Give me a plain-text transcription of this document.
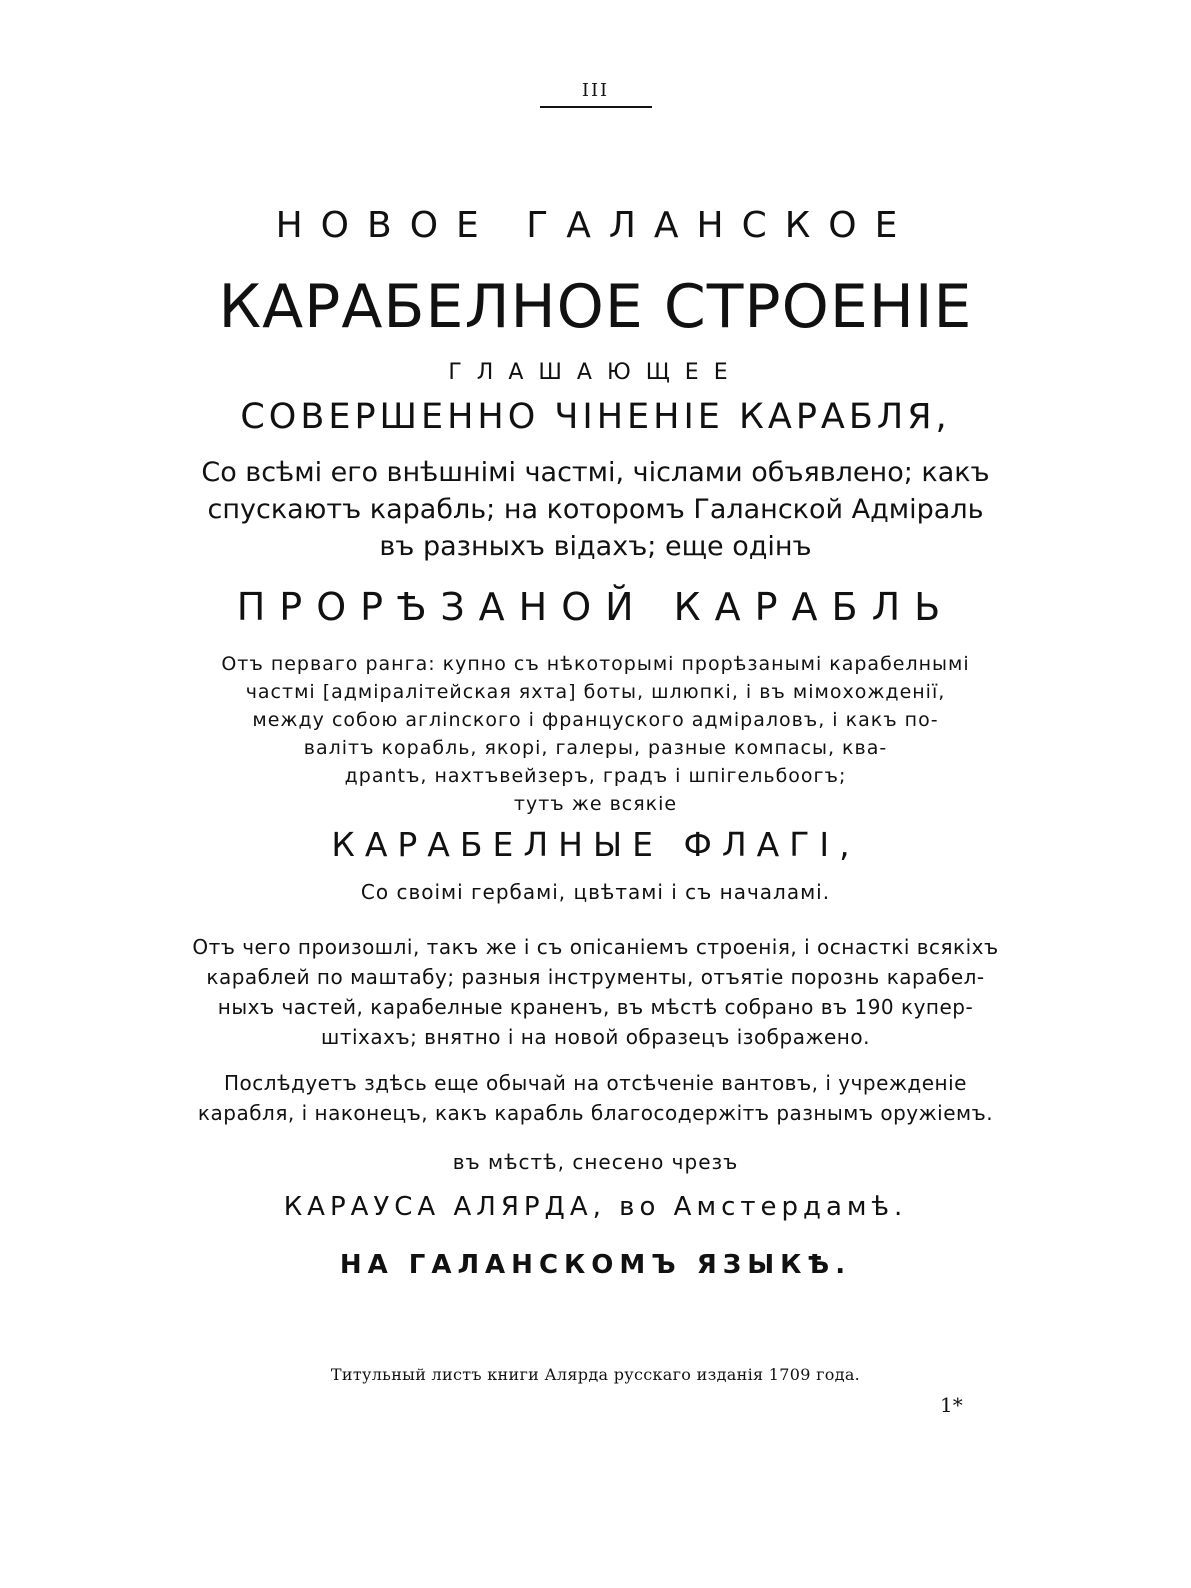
III
НОВОЕ ГАЛАНСКОЕ
КАРАБЕЛНОЕ СТРОЕНІЕ
ГЛАШАЮЩЕЕ
СОВЕРШЕННО ЧІНЕНІЕ КАРАБЛЯ,
Со всѣмі его внѣшнімі частмі, чіслами объявлено; какъ
спускаютъ карабль; на которомъ Галанской Адміраль
въ разныхъ відахъ; еще одінъ
ПРОРѢЗАНОЙ КАРАБЛЬ
Отъ перваго ранга: купно съ нѣкоторымі прорѣзанымі карабелнымі
частмі [адміралітейская яхта] боты, шлюпкі, і въ мімохожденії,
между собою агліnского і францускогo адміраловъ, і какъ по-
валітъ корабль, якорі, галеры, разные компасы, ква-
драntъ, нахтъвейзеръ, градъ і шпігельбоогъ;
тутъ же всякіе
КАРАБЕЛНЫЕ ФЛАГІ,
Со своімі гербамі, цвѣтамі і съ началамі.
Отъ чего произошлі, такъ же і съ опісаніемъ строенія, і оснасткі всякіхъ
караблей по маштабу; разныя інструменты, отъятіе порознь карабел-
ныхъ частей, карабелные краненъ, въ мѣстѣ собрано въ 190 купер-
штіхахъ; внятно і на новой образецъ ізображено.
Послѣдуетъ здѣсь еще обычай на отсѣченіе вантовъ, і учрежденіе
карабля, і наконецъ, какъ карабль благосодержітъ разнымъ оружіемъ.
въ мѣстѣ, снесено чрезъ
КАРАУСА АЛЯРДА, во Амстердамѣ.
НА ГАЛАНСКОМЪ ЯЗЫКѢ.
Титульный листъ книги Алярда русскаго изданія 1709 года.
1*
